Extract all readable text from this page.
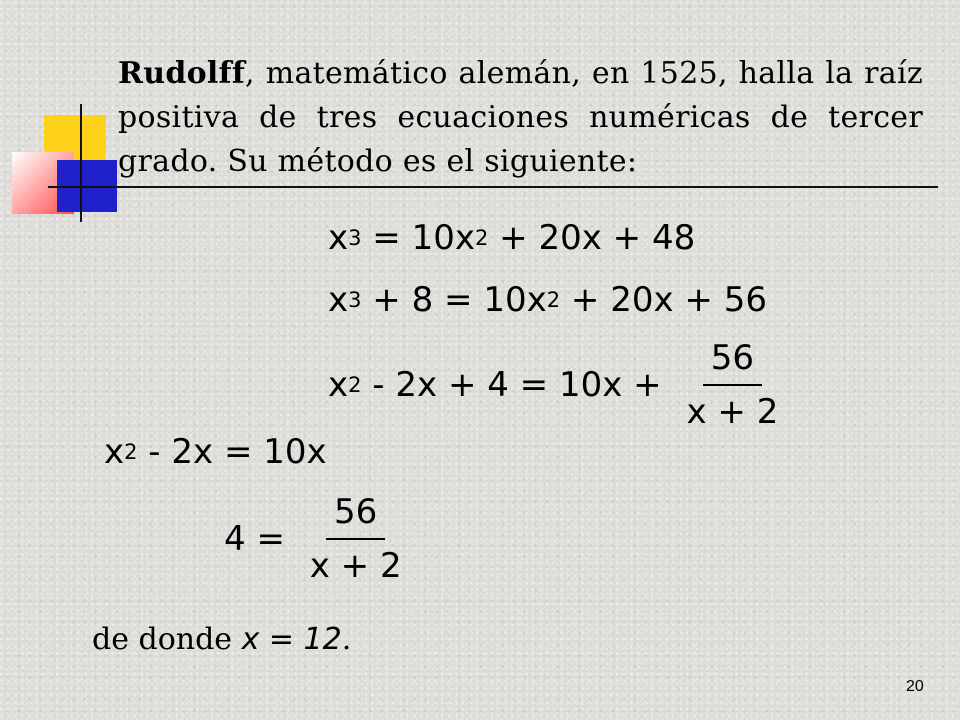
Rudolff, matemático alemán, en 1525, halla la raíz positiva de tres ecuaciones numéricas de tercer grado. Su método es el siguiente:
x 3 = 10x 2 + 20x + 48
x 3 + 8 = 10x 2 + 20x + 56
x $2 - 2x + 4 = 10x + \frac{56}{x + 2}$
x 2 - 2x = 10x
$4 = \frac{56}{x + 2}$
de donde x = 12.
20
